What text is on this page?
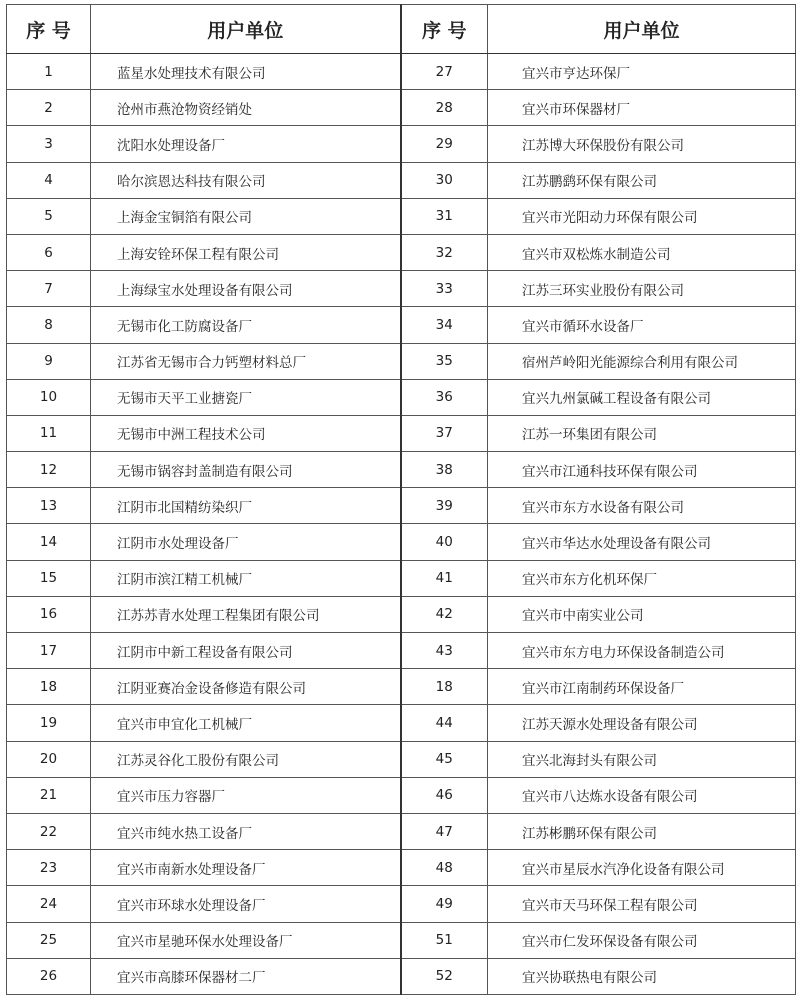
序 号	用户单位	序 号	用户单位
1	蓝星水处理技术有限公司	27	宜兴市亨达环保厂
2	沧州市燕沧物资经销处	28	宜兴市环保器材厂
3	沈阳水处理设备厂	29	江苏博大环保股份有限公司
4	哈尔滨恩达科技有限公司	30	江苏鹏鹞环保有限公司
5	上海金宝铜箔有限公司	31	宜兴市光阳动力环保有限公司
6	上海安铨环保工程有限公司	32	宜兴市双松炼水制造公司
7	上海绿宝水处理设备有限公司	33	江苏三环实业股份有限公司
8	无锡市化工防腐设备厂	34	宜兴市循环水设备厂
9	江苏省无锡市合力钙塑材料总厂	35	宿州芦岭阳光能源综合利用有限公司
10	无锡市天平工业搪瓷厂	36	宜兴九州氯碱工程设备有限公司
11	无锡市中洲工程技术公司	37	江苏一环集团有限公司
12	无锡市锅容封盖制造有限公司	38	宜兴市江通科技环保有限公司
13	江阴市北国精纺染织厂	39	宜兴市东方水设备有限公司
14	江阴市水处理设备厂	40	宜兴市华达水处理设备有限公司
15	江阴市滨江精工机械厂	41	宜兴市东方化机环保厂
16	江苏苏青水处理工程集团有限公司	42	宜兴市中南实业公司
17	江阴市中新工程设备有限公司	43	宜兴市东方电力环保设备制造公司
18	江阴亚赛冶金设备修造有限公司	18	宜兴市江南制药环保设备厂
19	宜兴市申宜化工机械厂	44	江苏天源水处理设备有限公司
20	江苏灵谷化工股份有限公司	45	宜兴北海封头有限公司
21	宜兴市压力容器厂	46	宜兴市八达炼水设备有限公司
22	宜兴市纯水热工设备厂	47	江苏彬鹏环保有限公司
23	宜兴市南新水处理设备厂	48	宜兴市星辰水汽净化设备有限公司
24	宜兴市环球水处理设备厂	49	宜兴市天马环保工程有限公司
25	宜兴市星驰环保水处理设备厂	51	宜兴市仁发环保设备有限公司
26	宜兴市高膝环保器材二厂	52	宜兴协联热电有限公司
